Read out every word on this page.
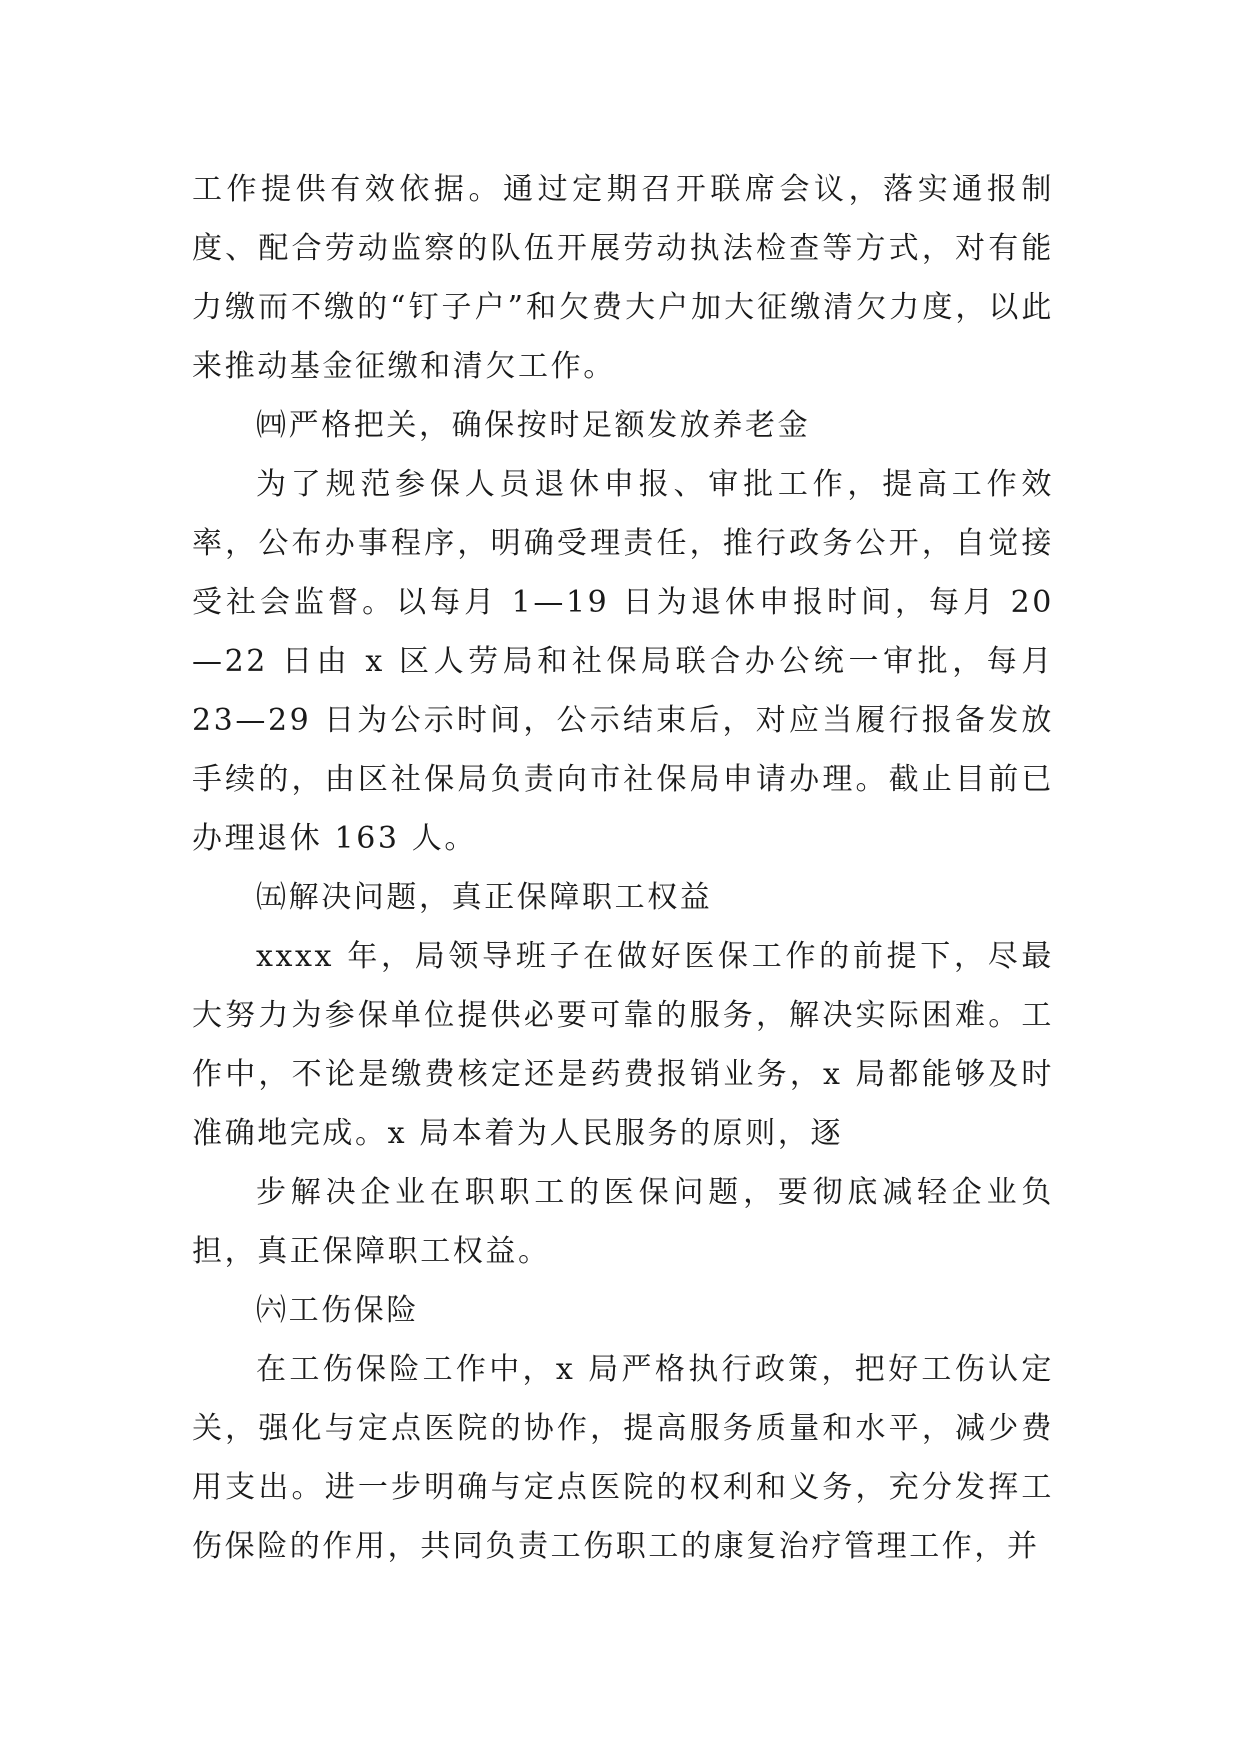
工作提供有效依据。通过定期召开联席会议，落实通报制度、配合劳动监察的队伍开展劳动执法检查等方式，对有能力缴而不缴的“钉子户”和欠费大户加大征缴清欠力度，以此来推动基金征缴和清欠工作。

㈣严格把关，确保按时足额发放养老金

为了规范参保人员退休申报、审批工作，提高工作效率，公布办事程序，明确受理责任，推行政务公开，自觉接受社会监督。以每月 1—19 日为退休申报时间，每月 20—22 日由 x 区人劳局和社保局联合办公统一审批，每月 23—29 日为公示时间，公示结束后，对应当履行报备发放手续的，由区社保局负责向市社保局申请办理。截止目前已办理退休 163 人。

㈤解决问题，真正保障职工权益

xxxx 年，局领导班子在做好医保工作的前提下，尽最大努力为参保单位提供必要可靠的服务，解决实际困难。工作中，不论是缴费核定还是药费报销业务，x 局都能够及时准确地完成。x 局本着为人民服务的原则，逐

步解决企业在职职工的医保问题，要彻底减轻企业负担，真正保障职工权益。

㈥工伤保险

在工伤保险工作中，x 局严格执行政策，把好工伤认定关，强化与定点医院的协作，提高服务质量和水平，减少费用支出。进一步明确与定点医院的权利和义务，充分发挥工伤保险的作用，共同负责工伤职工的康复治疗管理工作，并
